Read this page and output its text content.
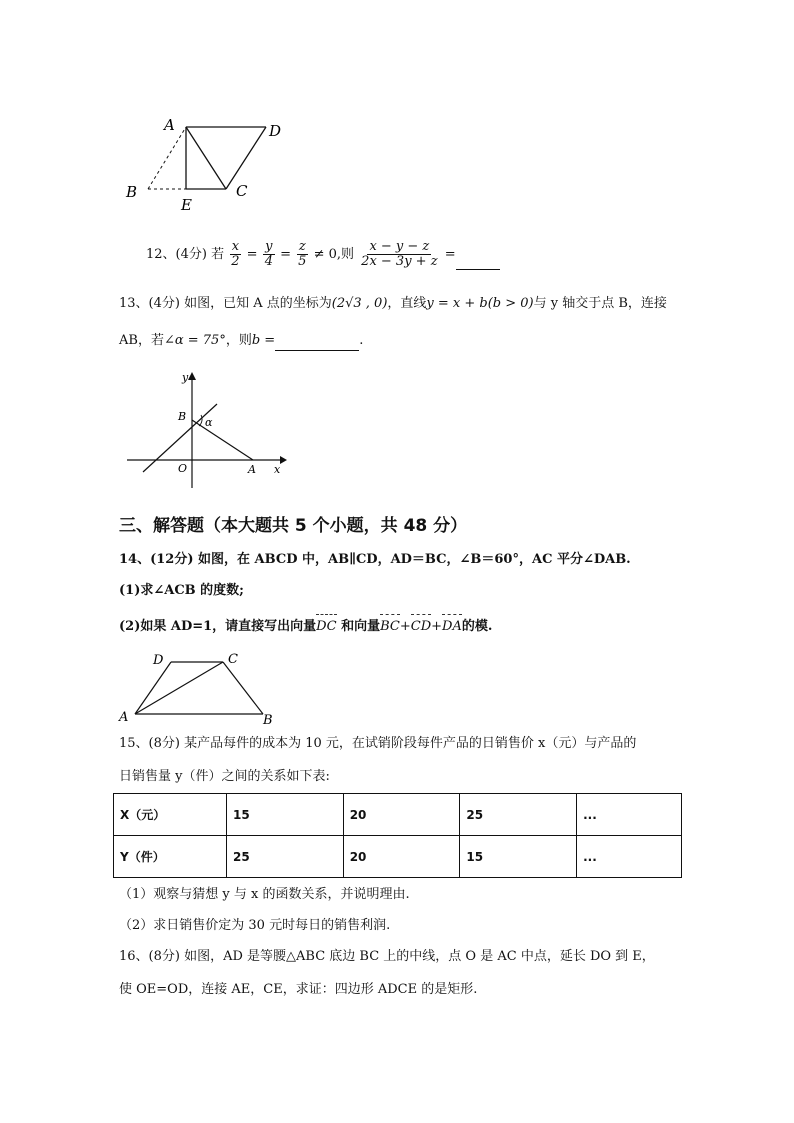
A	D
B	C
E
12、(4分) 若 $\frac{x}{2} = \frac{y}{4} = \frac{z}{5} \ne 0$,则 $\frac{x - y - z}{2x - 3y + z}$ =
13、(4分) 如图，已知 A 点的坐标为(2√3 , 0)，直线y = x + b(b > 0)与 y 轴交于点 B，连接
AB，若∠α = 75°，则b =	.
y
x
B
O	A
α
三、解答题（本大题共 5 个小题，共 48 分）
14、(12分) 如图，在 ABCD 中，AB∥CD，AD＝BC，∠B＝60°，AC 平分∠DAB.
(1)求∠ACB 的度数;
(2)如果 AD=1，请直接写出向量DC 和向量BC+CD+DA的模.
D	C
A	B
15、(8分) 某产品每件的成本为 10 元，在试销阶段每件产品的日销售价 x（元）与产品的
日销售量 y（件）之间的关系如下表:
X（元）	15	20	25	...
Y（件）	25	20	15	...
（1）观察与猜想 y 与 x 的函数关系，并说明理由.
（2）求日销售价定为 30 元时每日的销售利润.
16、(8分) 如图，AD 是等腰△ABC 底边 BC 上的中线，点 O 是 AC 中点，延长 DO 到 E，
使 OE=OD，连接 AE，CE，求证：四边形 ADCE 的是矩形.
